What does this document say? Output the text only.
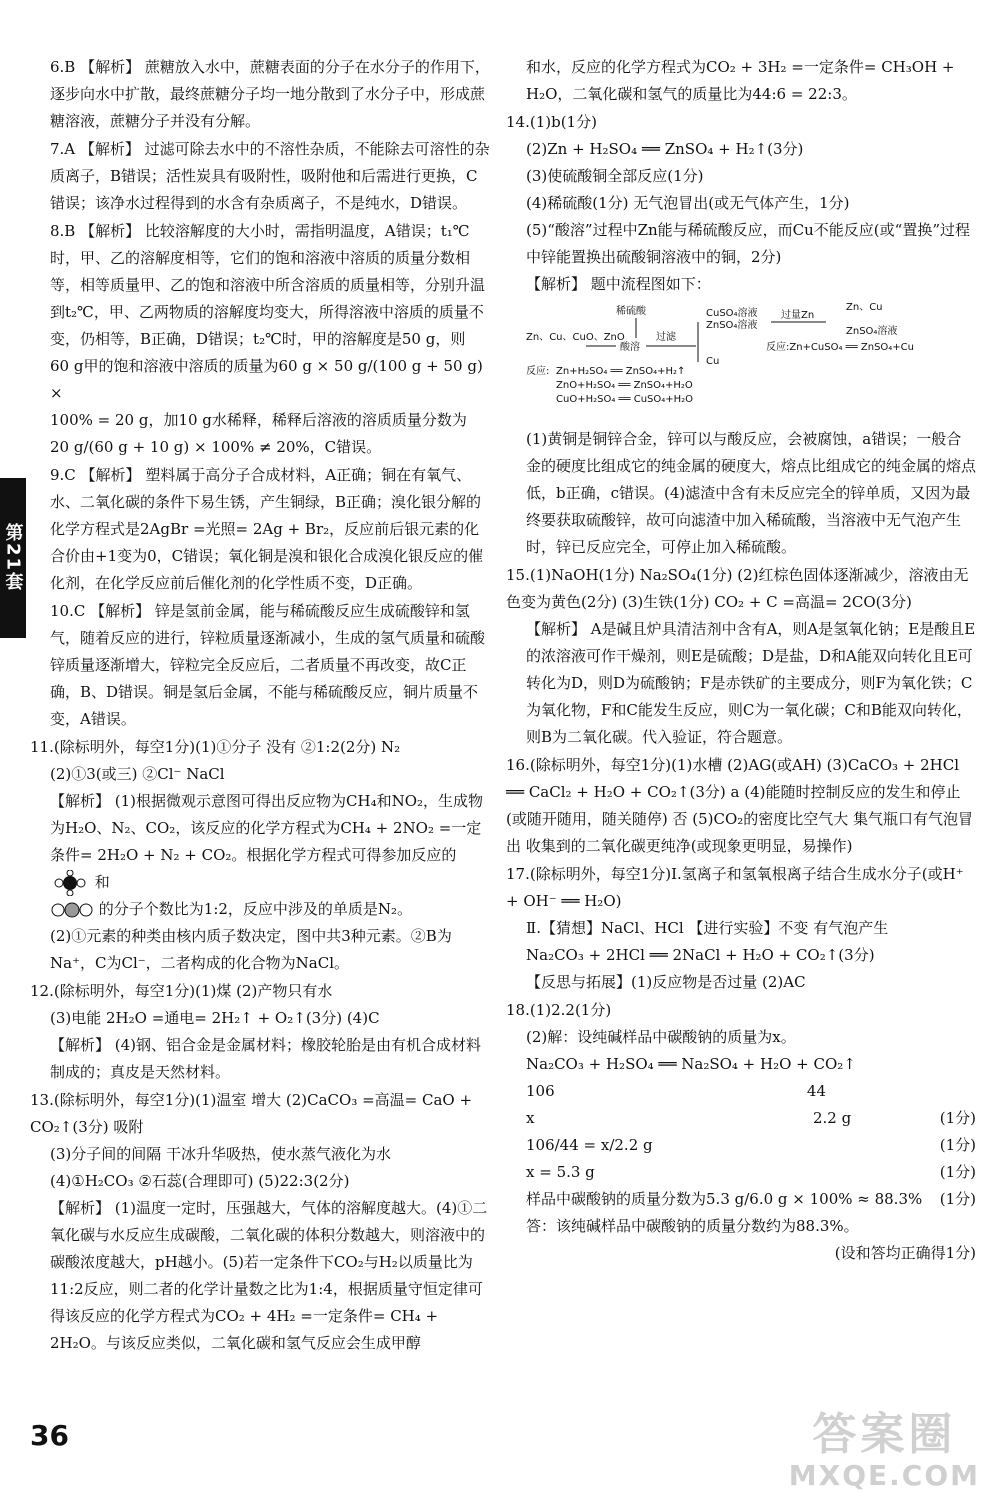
第21套

6.B 【解析】 蔗糖放入水中，蔗糖表面的分子在水分子的作用下，逐步向水中扩散，最终蔗糖分子均一地分散到了水分子中，形成蔗糖溶液，蔗糖分子并没有分解。

7.A 【解析】 过滤可除去水中的不溶性杂质，不能除去可溶性的杂质离子，B错误；活性炭具有吸附性，吸附他和后需进行更换，C错误；该净水过程得到的水含有杂质离子，不是纯水，D错误。

8.B 【解析】 比较溶解度的大小时，需指明温度，A错误；t₁℃时，甲、乙的溶解度相等，它们的饱和溶液中溶质的质量分数相等，相等质量甲、乙的饱和溶液中所含溶质的质量相等，分别升温到t₂℃，甲、乙两物质的溶解度均变大，所得溶液中溶质的质量不变，仍相等，B正确，D错误；t₂℃时，甲的溶解度是50 g，则

60 g甲的饱和溶液中溶质的质量为60 g × 50 g/(100 g + 50 g) ×

100% = 20 g，加10 g水稀释，稀释后溶液的溶质质量分数为

20 g/(60 g + 10 g) × 100% ≠ 20%，C错误。

9.C 【解析】 塑料属于高分子合成材料，A正确；铜在有氧气、水、二氧化碳的条件下易生锈，产生铜绿，B正确；溴化银分解的化学方程式是2AgBr =光照= 2Ag + Br₂，反应前后银元素的化合价由+1变为0，C错误；氧化铜是溴和银化合成溴化银反应的催化剂，在化学反应前后催化剂的化学性质不变，D正确。

10.C 【解析】 锌是氢前金属，能与稀硫酸反应生成硫酸锌和氢气，随着反应的进行，锌粒质量逐渐减小，生成的氢气质量和硫酸锌质量逐渐增大，锌粒完全反应后，二者质量不再改变，故C正确，B、D错误。铜是氢后金属，不能与稀硫酸反应，铜片质量不变，A错误。

11.(除标明外，每空1分)(1)①分子 没有 ②1:2(2分) N₂

(2)①3(或三) ②Cl⁻ NaCl

【解析】 (1)根据微观示意图可得出反应物为CH₄和NO₂，生成物为H₂O、N₂、CO₂，该反应的化学方程式为CH₄ + 2NO₂ =一定条件= 2H₂O + N₂ + CO₂。根据化学方程式可得参加反应的  和

的分子个数比为1:2，反应中涉及的单质是N₂。

(2)①元素的种类由核内质子数决定，图中共3种元素。②B为Na⁺，C为Cl⁻，二者构成的化合物为NaCl。

12.(除标明外，每空1分)(1)煤 (2)产物只有水

(3)电能 2H₂O =通电= 2H₂↑ + O₂↑(3分) (4)C

【解析】 (4)钢、铝合金是金属材料；橡胶轮胎是由有机合成材料制成的；真皮是天然材料。

13.(除标明外，每空1分)(1)温室 增大 (2)CaCO₃ =高温= CaO + CO₂↑(3分) 吸附

(3)分子间的间隔 干冰升华吸热，使水蒸气液化为水

(4)①H₂CO₃ ②石蕊(合理即可) (5)22:3(2分)

【解析】 (1)温度一定时，压强越大，气体的溶解度越大。(4)①二氧化碳与水反应生成碳酸，二氧化碳的体积分数越大，则溶液中的碳酸浓度越大，pH越小。(5)若一定条件下CO₂与H₂以质量比为11:2反应，则二者的化学计量数之比为1:4，根据质量守恒定律可得该反应的化学方程式为CO₂ + 4H₂ =一定条件= CH₄ + 2H₂O。与该反应类似，二氧化碳和氢气反应会生成甲醇

和水，反应的化学方程式为CO₂ + 3H₂ =一定条件= CH₃OH + H₂O，二氧化碳和氢气的质量比为44:6 = 22:3。

14.(1)b(1分)

(2)Zn + H₂SO₄ ══ ZnSO₄ + H₂↑(3分)

(3)使硫酸铜全部反应(1分)

(4)稀硫酸(1分) 无气泡冒出(或无气体产生，1分)

(5)“酸溶”过程中Zn能与稀硫酸反应，而Cu不能反应(或“置换”过程中锌能置换出硫酸铜溶液中的铜，2分)

【解析】 题中流程图如下：

稀硫酸
Zn、Cu、CuO、ZnO
酸溶
过滤
CuSO₄溶液
ZnSO₄溶液
过量Zn
Zn、Cu
ZnSO₄溶液
Cu
反应:Zn+CuSO₄ ══ ZnSO₄+Cu
反应: Zn+H₂SO₄ ══ ZnSO₄+H₂↑
ZnO+H₂SO₄ ══ ZnSO₄+H₂O
CuO+H₂SO₄ ══ CuSO₄+H₂O

(1)黄铜是铜锌合金，锌可以与酸反应，会被腐蚀，a错误；一般合金的硬度比组成它的纯金属的硬度大，熔点比组成它的纯金属的熔点低，b正确，c错误。(4)滤渣中含有未反应完全的锌单质，又因为最终要获取硫酸锌，故可向滤渣中加入稀硫酸，当溶液中无气泡产生时，锌已反应完全，可停止加入稀硫酸。

15.(1)NaOH(1分) Na₂SO₄(1分) (2)红棕色固体逐渐减少，溶液由无色变为黄色(2分) (3)生铁(1分) CO₂ + C =高温= 2CO(3分)

【解析】 A是碱且炉具清洁剂中含有A，则A是氢氧化钠；E是酸且E的浓溶液可作干燥剂，则E是硫酸；D是盐，D和A能双向转化且E可转化为D，则D为硫酸钠；F是赤铁矿的主要成分，则F为氧化铁；C为氧化物，F和C能发生反应，则C为一氧化碳；C和B能双向转化，则B为二氧化碳。代入验证，符合题意。

16.(除标明外，每空1分)(1)水槽 (2)AG(或AH) (3)CaCO₃ + 2HCl ══ CaCl₂ + H₂O + CO₂↑(3分) a (4)能随时控制反应的发生和停止(或随开随用，随关随停) 否 (5)CO₂的密度比空气大 集气瓶口有气泡冒出 收集到的二氧化碳更纯净(或现象更明显，易操作)

17.(除标明外，每空1分)Ⅰ.氢离子和氢氧根离子结合生成水分子(或H⁺ + OH⁻ ══ H₂O)

Ⅱ.【猜想】NaCl、HCl 【进行实验】不变 有气泡产生

Na₂CO₃ + 2HCl ══ 2NaCl + H₂O + CO₂↑(3分)

【反思与拓展】(1)反应物是否过量 (2)AC

18.(1)2.2(1分)

(2)解：设纯碱样品中碳酸钠的质量为x。

Na₂CO₃ + H₂SO₄ ══ Na₂SO₄ + H₂O + CO₂↑

106	44
x	2.2 g	(1分)
106/44 = x/2.2 g	(1分)
x = 5.3 g	(1分)
样品中碳酸钠的质量分数为5.3 g/6.0 g × 100% ≈ 88.3% (1分)

答：该纯碱样品中碳酸钠的质量分数约为88.3%。

(设和答均正确得1分)

36	答案圈
MXQE.COM
